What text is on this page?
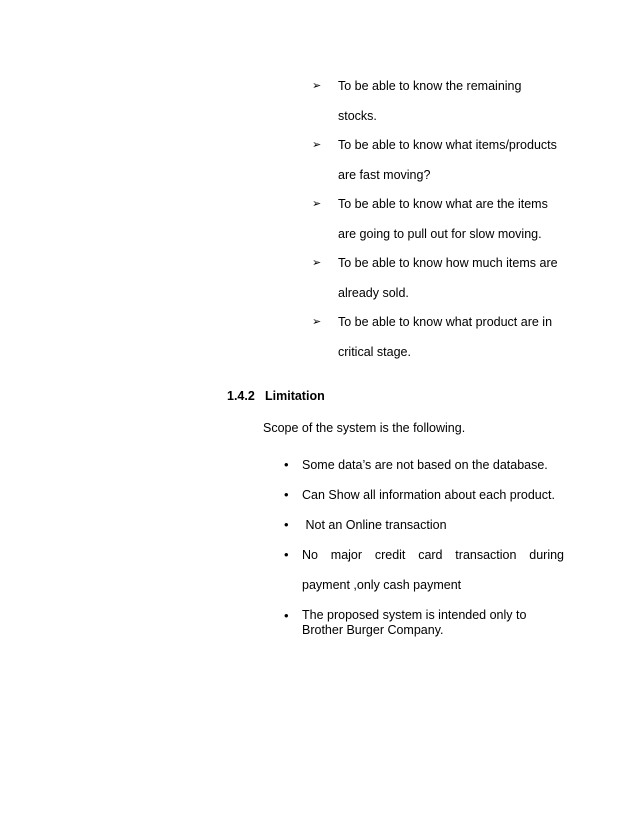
➢ To be able to know the remaining
stocks.
➢ To be able to know what items/products
are fast moving?
➢ To be able to know what are the items
are going to pull out for slow moving.
➢ To be able to know how much items are
already sold.
➢ To be able to know what product are in
critical stage.
1.4.2 Limitation
Scope of the system is the following.
• Some data’s are not based on the database.
• Can Show all information about each product.
• Not an Online transaction
• No   major   credit   card   transaction   during
payment ,only cash payment
• The proposed system is intended only to
Brother Burger Company.
